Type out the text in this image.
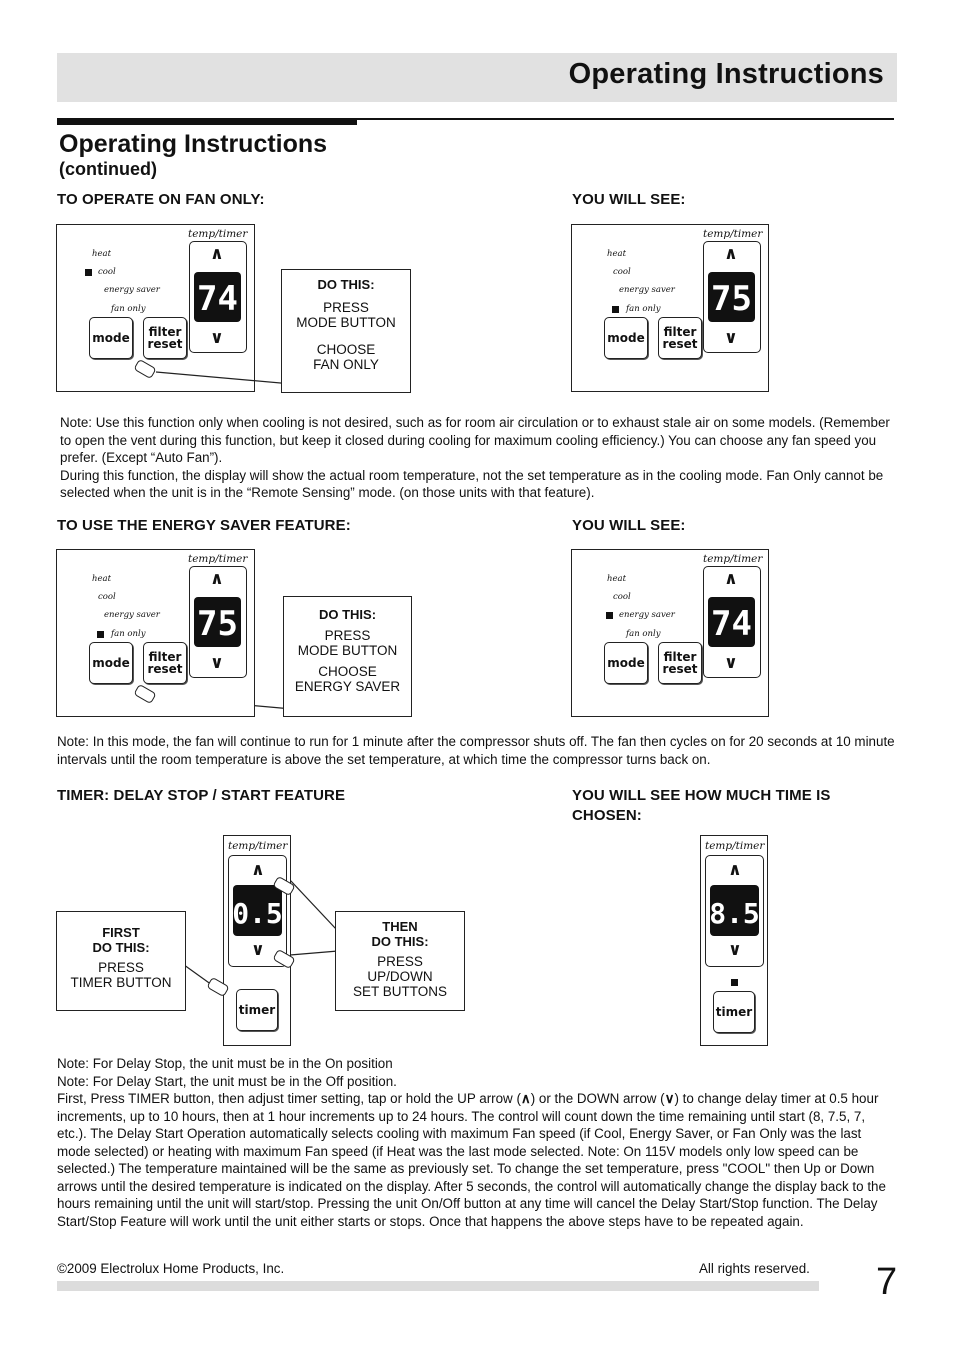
Operating Instructions
Operating Instructions
(continued)
TO OPERATE ON FAN ONLY:	YOU WILL SEE:
temp/timer
heat
cool
energy saver
fan only
mode	filter
reset
∧
74
∨
DO THIS:
PRESS
MODE BUTTON
CHOOSE
FAN ONLY
temp/timer
heat
cool
energy saver
fan only
mode	filter
reset
∧
75
∨
Note: Use this function only when cooling is not desired, such as for room air circulation or to exhaust stale air on some models. (Remember to open the vent during this function, but keep it closed during cooling for maximum cooling efficiency.) You can choose any fan speed you prefer. (Except “Auto Fan”).
During this function, the display will show the actual room temperature, not the set temperature as in the cooling mode. Fan Only cannot be selected when the unit is in the “Remote Sensing” mode. (on those units with that feature).
TO USE THE ENERGY SAVER FEATURE:	YOU WILL SEE:
temp/timer
heat
cool
energy saver
fan only
mode	filter
reset
∧
75
∨
DO THIS:
PRESS
MODE BUTTON
CHOOSE
ENERGY SAVER
temp/timer
heat
cool
energy saver
fan only
mode	filter
reset
∧
74
∨
Note: In this mode, the fan will continue to run for 1 minute after the compressor shuts off. The fan then cycles on for 20 seconds at 10 minute intervals until the room temperature is above the set temperature, at which time the compressor turns back on.
TIMER: DELAY STOP / START FEATURE	YOU WILL SEE HOW MUCH TIME IS
CHOSEN:
FIRST
DO THIS:
PRESS
TIMER BUTTON
temp/timer
∧
0.5
∨
timer
THEN
DO THIS:
PRESS
UP/DOWN
SET BUTTONS
temp/timer
∧
8.5
∨
timer
Note: For Delay Stop, the unit must be in the On position
Note: For Delay Start, the unit must be in the Off position.
First, Press TIMER button, then adjust timer setting, tap or hold the UP arrow (∧) or the DOWN arrow (∨) to change delay timer at 0.5 hour increments, up to 10 hours, then at 1 hour increments up to 24 hours. The control will count down the time remaining until start (8, 7.5, 7, etc.). The Delay Start Operation automatically selects cooling with maximum Fan speed (if Cool, Energy Saver, or Fan Only was the last mode selected) or heating with maximum Fan speed (if Heat was the last mode selected. Note: On 115V models only low speed can be selected.) The temperature maintained will be the same as previously set. To change the set temperature, press "COOL" then Up or Down arrows until the desired temperature is indicated on the display. After 5 seconds, the control will automatically change the display back to the hours remaining until the unit will start/stop. Pressing the unit On/Off button at any time will cancel the Delay Start/Stop function. The Delay Start/Stop Feature will work until the unit either starts or stops. Once that happens the above steps have to be repeated again.
©2009 Electrolux Home Products, Inc.	All rights reserved. 7
